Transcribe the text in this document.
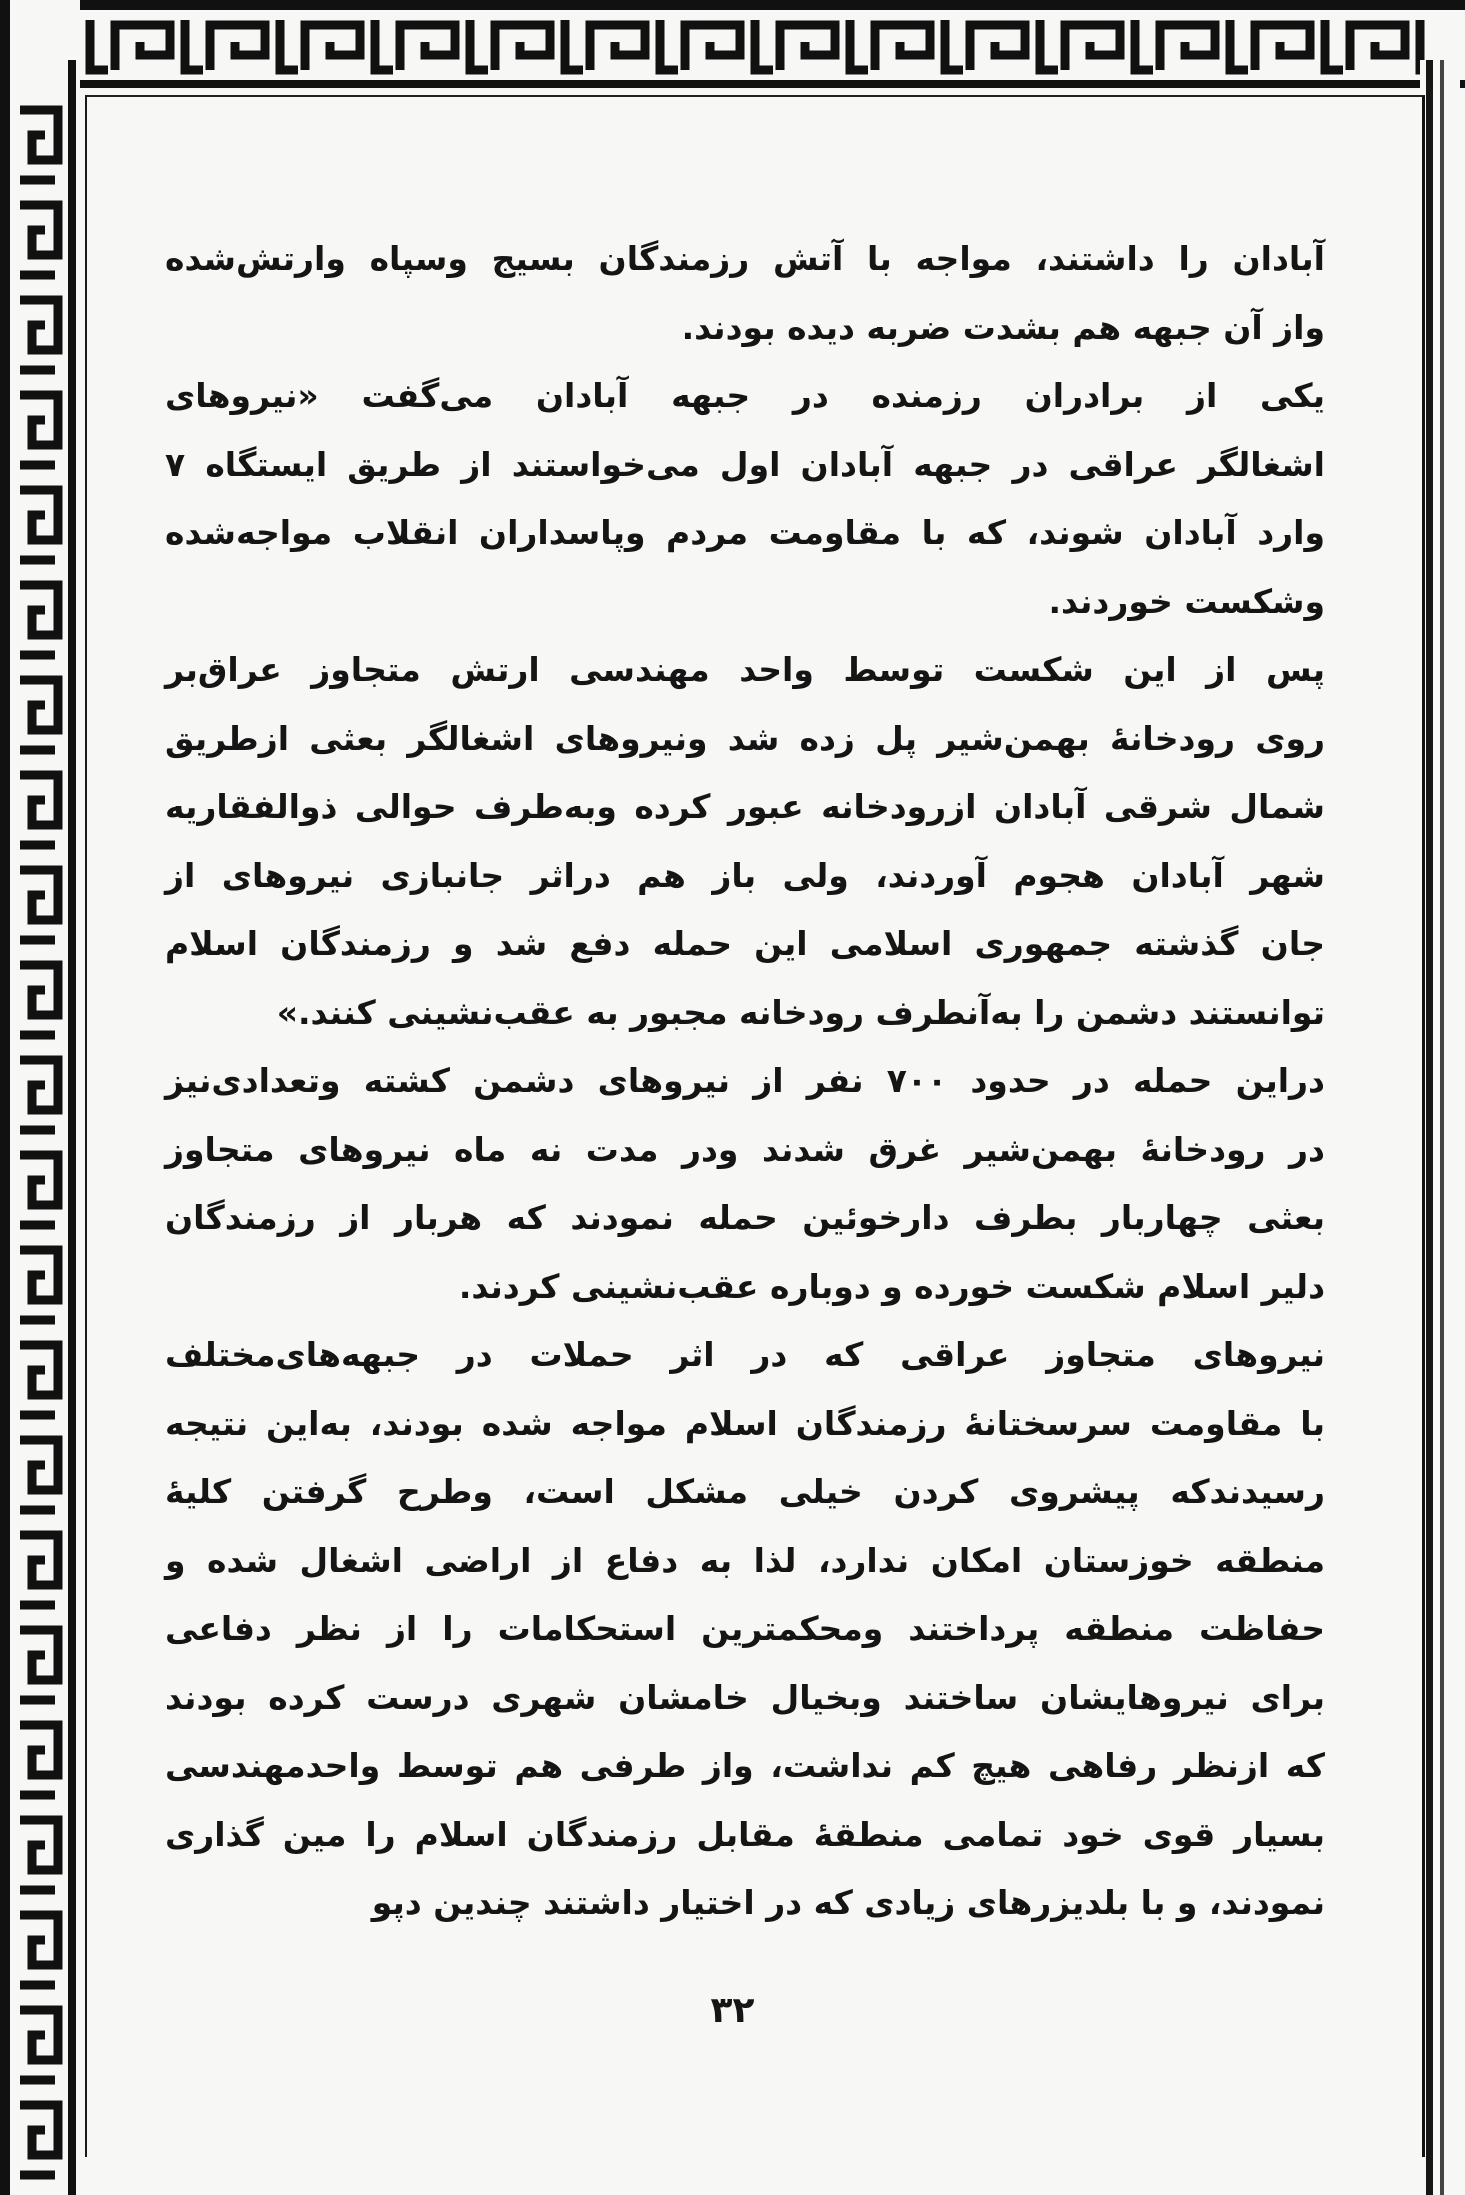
آبادان را داشتند، مواجه با آتش رزمندگان بسیج وسپاه وارتش‌شده
واز آن جبهه هم بشدت ضربه دیده بودند.
یکی از برادران رزمنده در جبهه آبادان می‌گفت «نیروهای
اشغالگر عراقی در جبهه آبادان اول می‌خواستند از طریق ایستگاه ۷
وارد آبادان شوند، که با مقاومت مردم وپاسداران انقلاب مواجه‌شده
وشکست خوردند.
پس از این شکست توسط واحد مهندسی ارتش متجاوز عراق‌بر
روی رودخانهٔ بهمن‌شیر پل زده شد ونیروهای اشغالگر بعثی ازطریق
شمال شرقی آبادان ازرودخانه عبور کرده وبه‌طرف حوالی ذوالفقاریه
شهر آبادان هجوم آوردند، ولی باز هم دراثر جانبازی نیروهای از
جان گذشته جمهوری اسلامی این حمله دفع شد و رزمندگان اسلام
توانستند دشمن را به‌آنطرف رودخانه مجبور به عقب‌نشینی کنند.»
دراین حمله در حدود ۷۰۰ نفر از نیروهای دشمن کشته وتعدادی‌نیز
در رودخانهٔ بهمن‌شیر غرق شدند ودر مدت نه ماه نیروهای متجاوز
بعثی چهاربار بطرف دارخوئین حمله نمودند که هربار از رزمندگان
دلیر اسلام شکست خورده و دوباره عقب‌نشینی کردند.
نیروهای متجاوز عراقی که در اثر حملات در جبهه‌های‌مختلف
با مقاومت سرسختانهٔ رزمندگان اسلام مواجه شده بودند، به‌این نتیجه
رسیدند‌که پیشروی کردن خیلی مشکل است، وطرح گرفتن کلیهٔ
منطقه خوزستان امکان ندارد، لذا به دفاع از اراضی اشغال شده و
حفاظت منطقه پرداختند ومحکمترین استحکامات را از نظر دفاعی
برای نیروهایشان ساختند وبخیال خامشان شهری درست کرده بودند
که ازنظر رفاهی هیچ کم نداشت، واز طرفی هم توسط واحدمهندسی
بسیار قوی خود تمامی منطقهٔ مقابل رزمندگان اسلام را مین گذاری
نمودند، و با بلدیزرهای زیادی که در اختیار داشتند چندین دپو
۳۲
